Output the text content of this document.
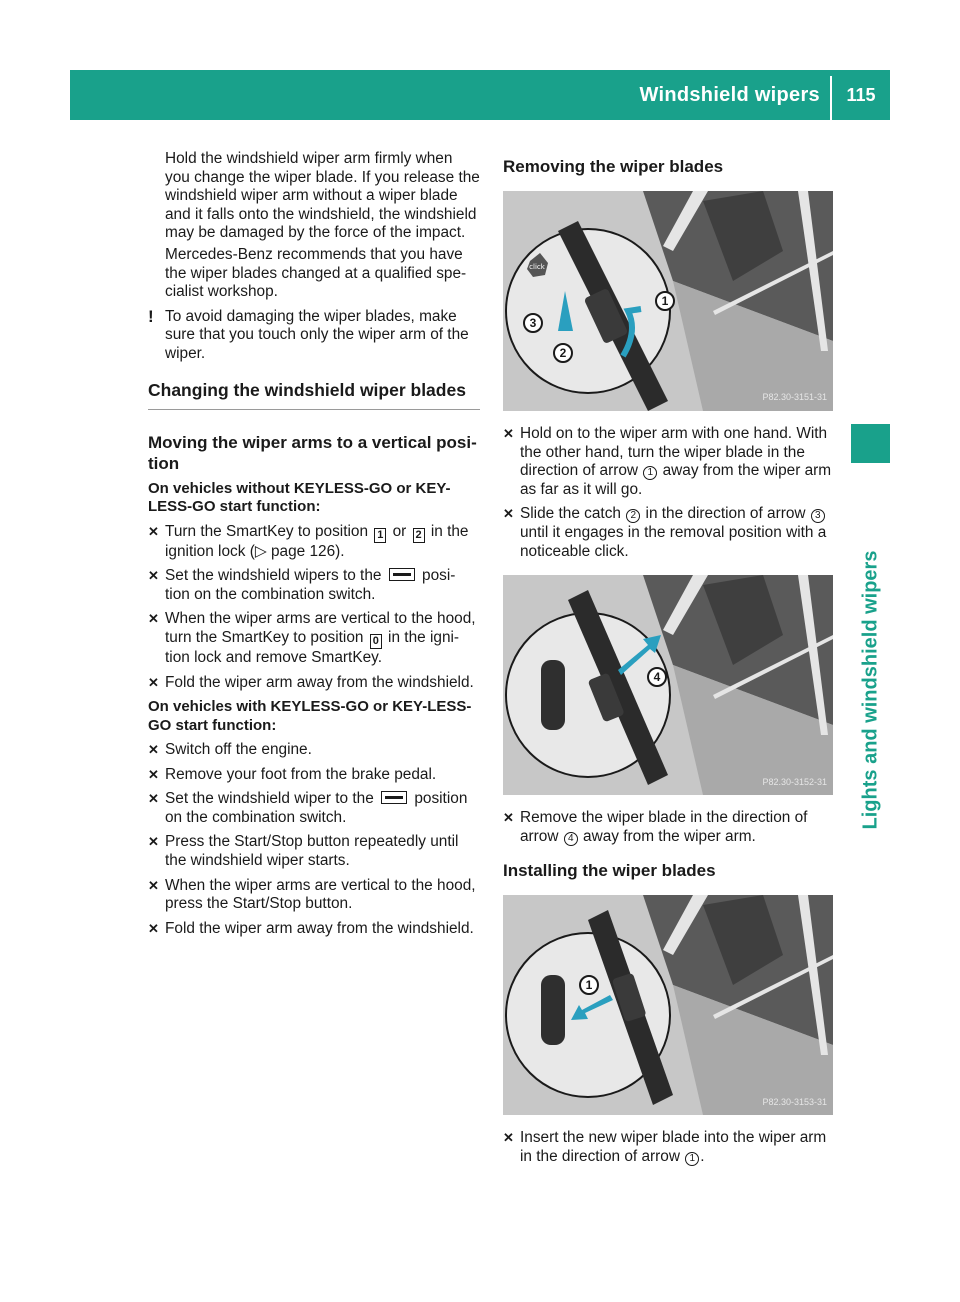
Windshield wipers	115
Lights and windshield wipers

Hold the windshield wiper arm firmly when you change the wiper blade. If you release the windshield wiper arm without a wiper blade and it falls onto the windshield, the windshield may be damaged by the force of the impact.

Mercedes-Benz recommends that you have the wiper blades changed at a qualified spe-cialist workshop.

! To avoid damaging the wiper blades, make sure that you touch only the wiper arm of the wiper.
Changing the windshield wiper blades
Moving the wiper arms to a vertical posi-tion
On vehicles without KEYLESS-GO or KEY-LESS-GO start function:
✕ Turn the SmartKey to position 1 or 2 in the ignition lock (▷ page 126).
✕ Set the windshield wipers to the	posi-tion on the combination switch.
✕ When the wiper arms are vertical to the hood, turn the SmartKey to position 0 in the igni-tion lock and remove SmartKey.
✕ Fold the wiper arm away from the windshield.
On vehicles with KEYLESS-GO or KEY-LESS-GO start function:
✕ Switch off the engine.
✕ Remove your foot from the brake pedal.
✕ Set the windshield wiper to the	position on the combination switch.
✕ Press the Start/Stop button repeatedly until the windshield wiper starts.
✕ When the wiper arms are vertical to the hood, press the Start/Stop button.
✕ Fold the wiper arm away from the windshield.
Removing the wiper blades
click
1
2
3
P82.30-3151-31
✕ Hold on to the wiper arm with one hand. With the other hand, turn the wiper blade in the direction of arrow 1 away from the wiper arm as far as it will go.
✕ Slide the catch 2 in the direction of arrow 3 until it engages in the removal position with a noticeable click.
4
P82.30-3152-31
✕ Remove the wiper blade in the direction of arrow 4 away from the wiper arm.
Installing the wiper blades
1
P82.30-3153-31
✕ Insert the new wiper blade into the wiper arm in the direction of arrow 1 .
